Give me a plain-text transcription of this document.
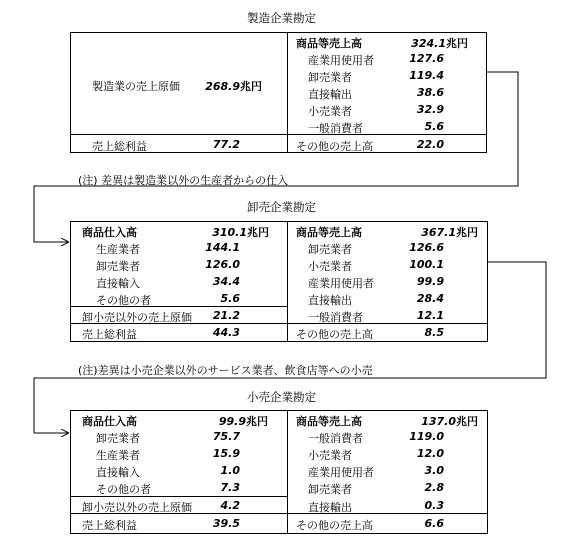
製造企業勘定
製造業の売上原価	268.9兆円
売上総利益	77.2
商品等売上高	324.1兆円
産業用使用者	127.6
卸売業者	119.4
直接輸出	38.6
小売業者	32.9
一般消費者	5.6
その他の売上高	22.0
(注) 差異は製造業以外の生産者からの仕入
卸売企業勘定
商品仕入高	310.1兆円
生産業者	144.1
卸売業者	126.0
直接輸入	34.4
その他の者	5.6
卸小売以外の売上原価	21.2
売上総利益	44.3
商品等売上高	367.1兆円
卸売業者	126.6
小売業者	100.1
産業用使用者	99.9
直接輸出	28.4
一般消費者	12.1
その他の売上高	8.5
(注)差異は小売企業以外のサービス業者、飲食店等への小売
小売企業勘定
商品仕入高	99.9兆円
卸売業者	75.7
生産業者	15.9
直接輸入	1.0
その他の者	7.3
卸小売以外の売上原価	4.2
売上総利益	39.5
商品等売上高	137.0兆円
一般消費者	119.0
小売業者	12.0
産業用使用者	3.0
卸売業者	2.8
直接輸出	0.3
その他の売上高	6.6
